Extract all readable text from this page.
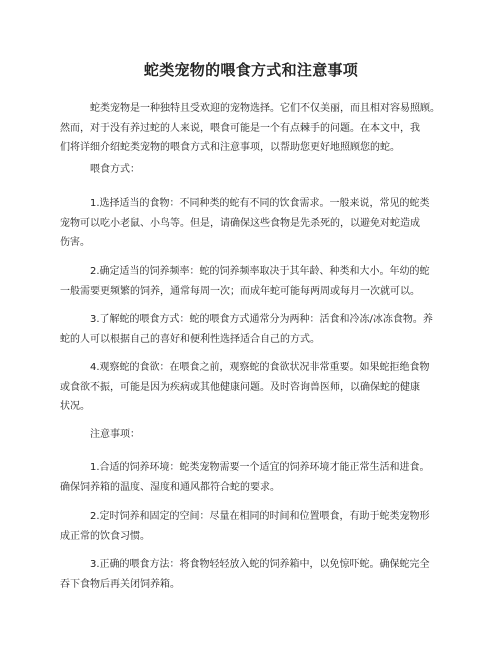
蛇类宠物的喂食方式和注意事项

蛇类宠物是一种独特且受欢迎的宠物选择。它们不仅美丽，而且相对容易照顾。
然而，对于没有养过蛇的人来说，喂食可能是一个有点棘手的问题。在本文中，我
们将详细介绍蛇类宠物的喂食方式和注意事项，以帮助您更好地照顾您的蛇。

喂食方式：

1.选择适当的食物：不同种类的蛇有不同的饮食需求。一般来说，常见的蛇类
宠物可以吃小老鼠、小鸟等。但是，请确保这些食物是先杀死的，以避免对蛇造成
伤害。

2.确定适当的饲养频率：蛇的饲养频率取决于其年龄、种类和大小。年幼的蛇
一般需要更频繁的饲养，通常每周一次；而成年蛇可能每两周或每月一次就可以。

3.了解蛇的喂食方式：蛇的喂食方式通常分为两种：活食和冷冻/冰冻食物。养
蛇的人可以根据自己的喜好和便利性选择适合自己的方式。

4.观察蛇的食欲：在喂食之前，观察蛇的食欲状况非常重要。如果蛇拒绝食物
或食欲不振，可能是因为疾病或其他健康问题。及时咨询兽医师，以确保蛇的健康
状况。

注意事项：

1.合适的饲养环境：蛇类宠物需要一个适宜的饲养环境才能正常生活和进食。
确保饲养箱的温度、湿度和通风都符合蛇的要求。

2.定时饲养和固定的空间：尽量在相同的时间和位置喂食，有助于蛇类宠物形
成正常的饮食习惯。

3.正确的喂食方法：将食物轻轻放入蛇的饲养箱中，以免惊吓蛇。确保蛇完全
吞下食物后再关闭饲养箱。
